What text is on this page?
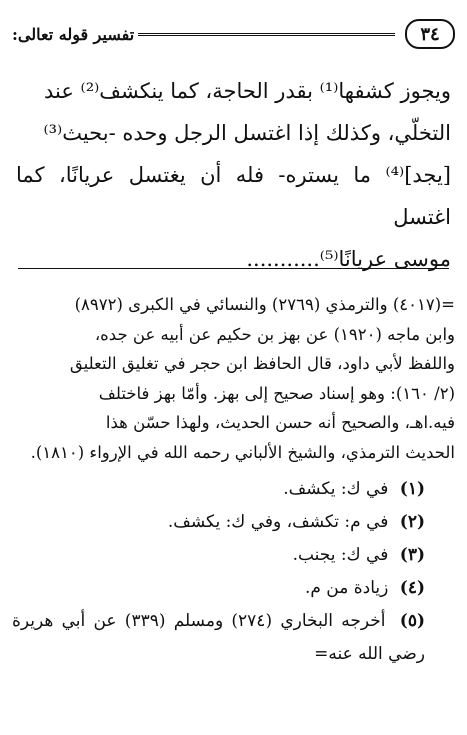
٣٤
تفسير قوله تعالى:

ويجوز كشفها⁽¹⁾ بقدر الحاجة، كما ينكشف⁽²⁾ عند

التخلّي، وكذلك إذا اغتسل الرجل وحده -بحيث⁽³⁾

[يجد]⁽⁴⁾ ما يستره- فله أن يغتسل عريانًا، كما اغتسل

موسى عريانًا⁽⁵⁾...........

=(٤٠١٧) والترمذي (٢٧٦٩) والنسائي في الكبرى (٨٩٧٢)

وابن ماجه (١٩٢٠) عن بهز بن حكيم عن أبيه عن جده،

واللفظ لأبي داود، قال الحافظ ابن حجر في تغليق التعليق

(٢/ ١٦٠): وهو إسناد صحيح إلى بهز. وأمّا بهز فاختلف

فيه.اهـ، والصحيح أنه حسن الحديث، ولهذا حسّن هذا

الحديث الترمذي، والشيخ الألباني رحمه الله في الإرواء (١٨١٠).

(١) في ك: يكشف.
(٢) في م: تكشف، وفي ك: يكشف.
(٣) في ك: يجنب.
(٤) زيادة من م.
(٥) أخرجه البخاري (٢٧٤) ومسلم (٣٣٩) عن أبي هريرة رضي الله عنه=
